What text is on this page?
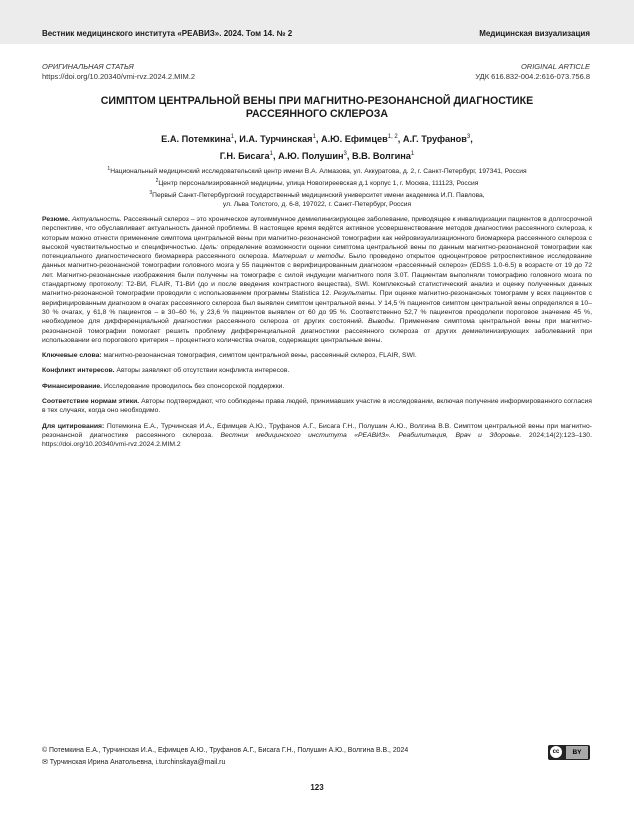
Вестник медицинского института «РЕАВИЗ». 2024. Том 14. № 2	Медицинская визуализация
ОРИГИНАЛЬНАЯ СТАТЬЯ
https://doi.org/10.20340/vmi-rvz.2024.2.MIM.2
ORIGINAL ARTICLE
УДК 616.832-004.2:616-073.756.8
СИМПТОМ ЦЕНТРАЛЬНОЙ ВЕНЫ ПРИ МАГНИТНО-РЕЗОНАНСНОЙ ДИАГНОСТИКЕ
РАССЕЯННОГО СКЛЕРОЗА
Е.А. Потемкина$^1$, И.А. Турчинская$^1$, А.Ю. Ефимцев$^{1, 2}$, А.Г. Труфанов$^3$,
Г.Н. Бисага$^1$, А.Ю. Полушин$^3$, В.В. Волгина$^1$
$^1$Национальный медицинский исследовательский центр имени В.А. Алмазова, ул. Аккуратова, д. 2, г. Санкт-Петербург, 197341, Россия
$^2$Центр персонализированной медицины, улица Новогиреевская д.1 корпус 1, г. Москва, 111123, Россия
$^3$Первый Санкт-Петербургский государственный медицинский университет имени академика И.П. Павлова,
ул. Льва Толстого, д. 6-8, 197022, г. Санкт-Петербург, Россия

Резюме. Актуальность. Рассеянный склероз – это хроническое аутоиммунное демиелинизирующее заболевание, приводящее к инвалидизации пациентов в долгосрочной перспективе, что обуславливает актуальность данной проблемы. В настоящее время ведётся активное усовершенствование методов диагностики рассеянного склероза, к которым можно отнести применение симптома центральной вены при магнитно-резонансной томографии как нейровизуализационного биомаркера рассеянного склероза с высокой чувствительностью и специфичностью. Цель: определение возможности оценки симптома центральной вены по данным магнитно-резонансной томографии как потенциального диагностического биомаркера рассеянного склероза. Материал и методы. Было проведено открытое одноцентровое ретроспективное исследование данных магнитно-резонансной томографии головного мозга у 55 пациентов с верифицированным диагнозом «рассеянный склероз» (EDSS 1.0-6.5) в возрасте от 19 до 72 лет. Магнитно-резонансные изображения были получены на томографе с силой индукции магнитного поля 3.0Т. Пациентам выполняли томографию головного мозга по стандартному протоколу: Т2-ВИ, FLAIR, Т1-ВИ (до и после введения контрастного вещества), SWI. Комплексный статистический анализ и оценку полученных данных магнитно-резонансной томографии проводили с использованием программы Statistica 12. Результаты. При оценке магнитно-резонансных томограмм у всех пациентов с верифицированным диагнозом в очагах рассеянного склероза был выявлен симптом центральной вены. У 14,5 % пациентов симптом центральной вены определялся в 10–30 % очагах, у 61,8 % пациентов – в 30–60 %, у 23,6 % пациентов выявлен от 60 до 95 %. Соответственно 52,7 % пациентов преодолели пороговое значение 45 %, необходимое для дифференциальной диагностики рассеянного склероза от других состояний. Выводы. Применение симптома центральной вены при магнитно-резонансной томографии помогает решить проблему дифференциальной диагностики рассеянного склероза от других демиелинизирующих заболеваний при использовании его порогового критерия – процентного количества очагов, содержащих центральные вены.

Ключевые слова: магнитно-резонансная томография, симптом центральной вены, рассеянный склероз, FLAIR, SWI.

Конфликт интересов. Авторы заявляют об отсутствии конфликта интересов.

Финансирование. Исследование проводилось без спонсорской поддержки.

Соответствие нормам этики. Авторы подтверждают, что соблюдены права людей, принимавших участие в исследовании, включая получение информированного согласия в тех случаях, когда оно необходимо.

Для цитирования: Потемкина Е.А., Турчинская И.А., Ефимцев А.Ю., Труфанов А.Г., Бисага Г.Н., Полушин А.Ю., Волгина В.В. Симптом центральной вены при магнитно-резонансной диагностике рассеянного склероза. Вестник медицинского института «РЕАВИЗ». Реабилитация, Врач и Здоровье. 2024;14(2):123–130. https://doi.org/10.20340/vmi-rvz.2024.2.MIM.2

© Потемкина Е.А., Турчинская И.А., Ефимцев А.Ю., Труфанов А.Г., Бисага Г.Н., Полушин А.Ю., Волгина В.В., 2024
✉ Турчинская Ирина Анатольевна, i.turchinskaya@mail.ru
cc	BY
123
